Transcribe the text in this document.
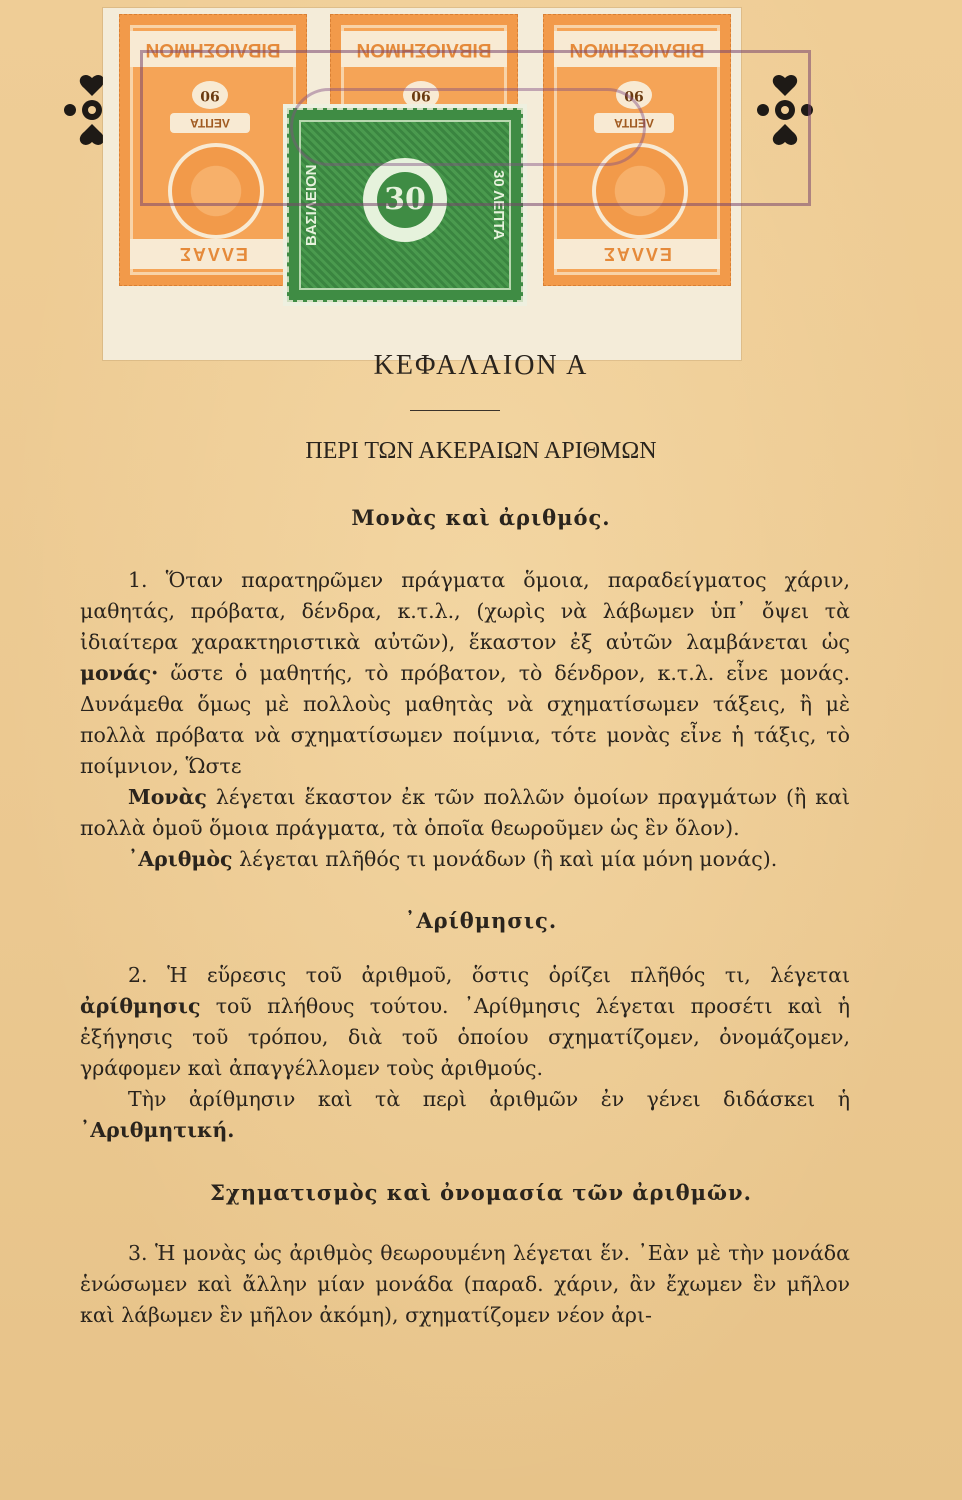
BIBΛIOΣHMON
90
ΛEΠTA
EΛΛAΣ
BIBΛIOΣHMON
90
BIBΛIOΣHMON
90
ΛEΠTA
EΛΛAΣ
BAΣIΛEION	30 ΛEΠTA
30
ΚΕΦΑΛΑΙΟΝ Α
ΠΕΡΙ ΤΩΝ ΑΚΕΡΑΙΩΝ ΑΡΙΘΜΩΝ
Μονὰς καὶ ἀριθμός.

1. Ὅταν παρατηρῶμεν πράγματα ὅμοια, παραδείγματος χάριν, μαθητάς, πρόβατα, δένδρα, κ.τ.λ., (χωρὶς νὰ λάβωμεν ὑπ᾽ ὄψει τὰ ἰδιαίτερα χαρακτηριστικὰ αὐτῶν), ἕκαστον ἐξ αὐτῶν λαμβάνεται ὡς μονάς· ὥστε ὁ μαθητής, τὸ πρόβατον, τὸ δένδρον, κ.τ.λ. εἶνε μονάς. Δυνάμεθα ὅμως μὲ πολλοὺς μαθητὰς νὰ σχηματίσωμεν τάξεις, ἢ μὲ πολλὰ πρόβατα νὰ σχηματίσωμεν ποίμνια, τότε μονὰς εἶνε ἡ τάξις, τὸ ποίμνιον, Ὥστε

Μονὰς λέγεται ἕκαστον ἐκ τῶν πολλῶν ὁμοίων πραγμάτων (ἢ καὶ πολλὰ ὁμοῦ ὅμοια πράγματα, τὰ ὁποῖα θεωροῦμεν ὡς ἓν ὅλον).

᾽Αριθμὸς λέγεται πλῆθός τι μονάδων (ἢ καὶ μία μόνη μονάς).

᾽Αρίθμησις.

2. Ἡ εὕρεσις τοῦ ἀριθμοῦ, ὅστις ὁρίζει πλῆθός τι, λέγεται ἀρίθμησις τοῦ πλήθους τούτου. ᾽Αρίθμησις λέγεται προσέτι καὶ ἡ ἐξήγησις τοῦ τρόπου, διὰ τοῦ ὁποίου σχηματίζομεν, ὀνομάζομεν, γράφομεν καὶ ἀπαγγέλλομεν τοὺς ἀριθμούς.

Τὴν ἀρίθμησιν καὶ τὰ περὶ ἀριθμῶν ἐν γένει διδάσκει ἡ ᾽Αριθμητική.

Σχηματισμὸς καὶ ὀνομασία τῶν ἀριθμῶν.

3. Ἡ μονὰς ὡς ἀριθμὸς θεωρουμένη λέγεται ἕν. ᾽Εὰν μὲ τὴν μονάδα ἑνώσωμεν καὶ ἄλλην μίαν μονάδα (παραδ. χάριν, ἂν ἔχωμεν ἓν μῆλον καὶ λάβωμεν ἓν μῆλον ἀκόμη), σχηματίζομεν νέον ἀρι-
